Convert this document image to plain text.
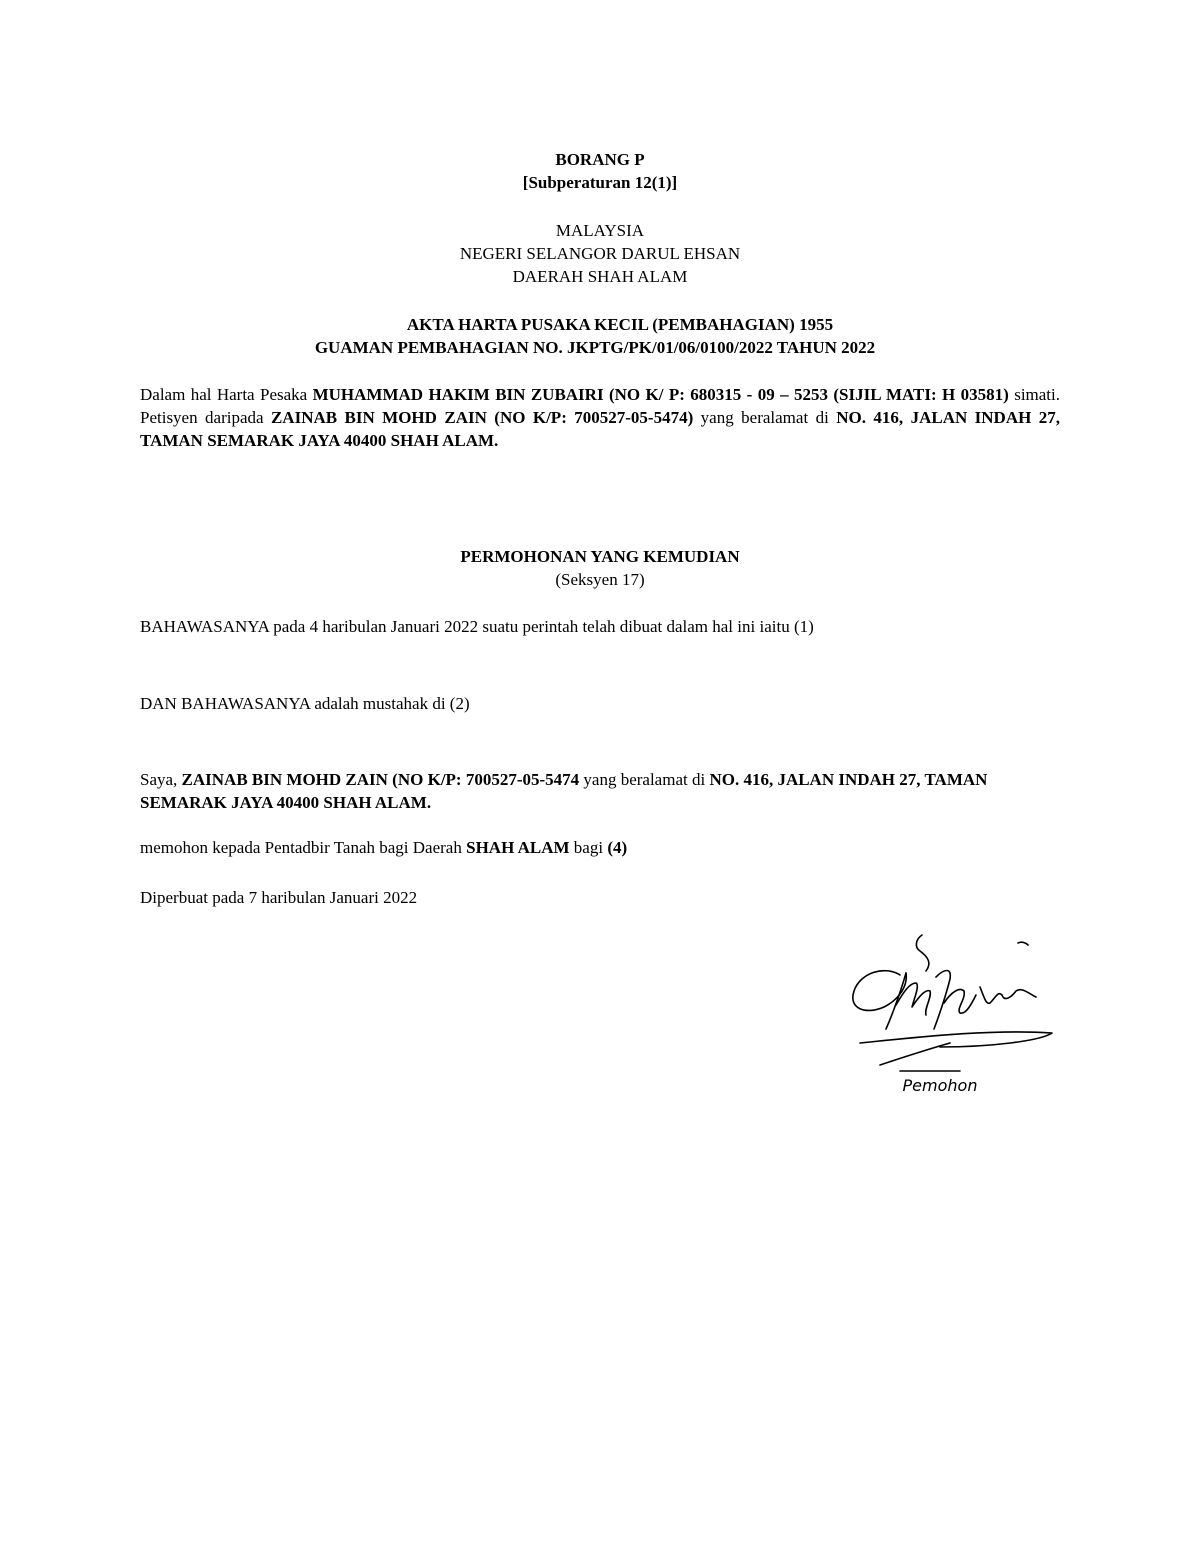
BORANG P
[Subperaturan 12(1)]
MALAYSIA
NEGERI SELANGOR DARUL EHSAN
DAERAH SHAH ALAM
AKTA HARTA PUSAKA KECIL (PEMBAHAGIAN) 1955
GUAMAN PEMBAHAGIAN NO. JKPTG/PK/01/06/0100/2022 TAHUN 2022
Dalam hal Harta Pesaka MUHAMMAD HAKIM BIN ZUBAIRI (NO K/ P: 680315 - 09 – 5253 (SIJIL MATI: H 03581) simati. Petisyen daripada ZAINAB BIN MOHD ZAIN (NO K/P: 700527-05-5474) yang beralamat di NO. 416, JALAN INDAH 27, TAMAN SEMARAK JAYA 40400 SHAH ALAM.
PERMOHONAN YANG KEMUDIAN
(Seksyen 17)
BAHAWASANYA pada 4 haribulan Januari 2022 suatu perintah telah dibuat dalam hal ini iaitu (1)
DAN BAHAWASANYA adalah mustahak di (2)
Saya, ZAINAB BIN MOHD ZAIN (NO K/P: 700527-05-5474 yang beralamat di NO. 416, JALAN INDAH 27, TAMAN SEMARAK JAYA 40400 SHAH ALAM.
memohon kepada Pentadbir Tanah bagi Daerah SHAH ALAM bagi (4)
Diperbuat pada 7 haribulan Januari 2022
Pemohon
